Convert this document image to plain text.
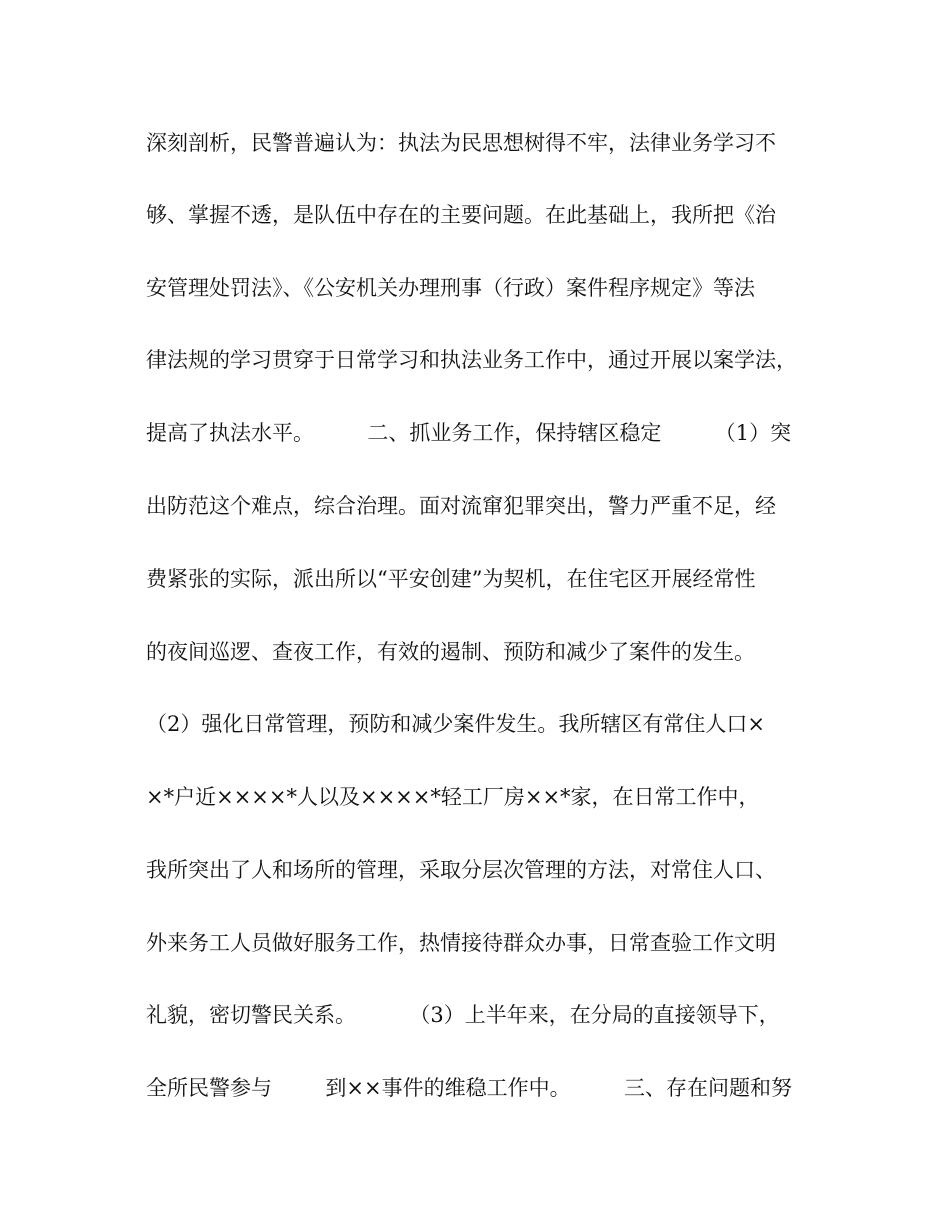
深刻剖析，民警普遍认为：执法为民思想树得不牢，法律业务学习不
够、掌握不透，是队伍中存在的主要问题。在此基础上，我所把《治
安管理处罚法》、《公安机关办理刑事（行政）案件程序规定》等法
律法规的学习贯穿于日常学习和执法业务工作中，通过开展以案学法，
提高了执法水平。        二、抓业务工作，保持辖区稳定        （1）突
出防范这个难点，综合治理。面对流窜犯罪突出，警力严重不足，经
费紧张的实际，派出所以“平安创建”为契机，在住宅区开展经常性
的夜间巡逻、查夜工作，有效的遏制、预防和减少了案件的发生。
（2）强化日常管理，预防和减少案件发生。我所辖区有常住人口×
×*户近××××*人以及××××*轻工厂房××*家，在日常工作中，
我所突出了人和场所的管理，采取分层次管理的方法，对常住人口、
外来务工人员做好服务工作，热情接待群众办事，日常查验工作文明
礼貌，密切警民关系。        （3）上半年来，在分局的直接领导下，
全所民警参与        到××事件的维稳工作中。        三、存在问题和努
